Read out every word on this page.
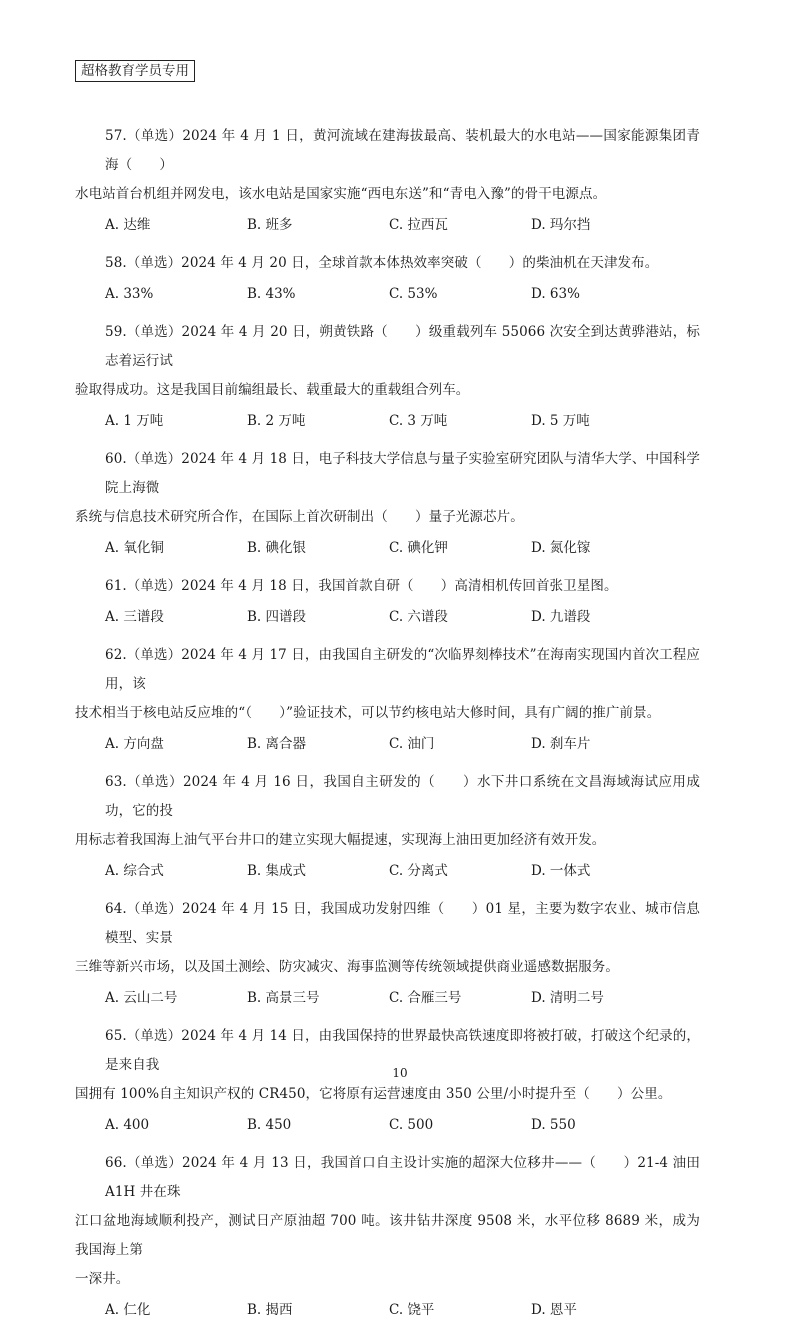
超格教育学员专用

57.（单选）2024 年 4 月 1 日，黄河流域在建海拔最高、装机最大的水电站——国家能源集团青海（　　）
水电站首台机组并网发电，该水电站是国家实施“西电东送”和“青电入豫”的骨干电源点。

A. 达维	B. 班多	C. 拉西瓦	D. 玛尔挡

58.（单选）2024 年 4 月 20 日，全球首款本体热效率突破（　　）的柴油机在天津发布。

A. 33%	B. 43%	C. 53%	D. 63%

59.（单选）2024 年 4 月 20 日，朔黄铁路（　　）级重载列车 55066 次安全到达黄骅港站，标志着运行试
验取得成功。这是我国目前编组最长、载重最大的重载组合列车。

A. 1 万吨	B. 2 万吨	C. 3 万吨	D. 5 万吨

60.（单选）2024 年 4 月 18 日，电子科技大学信息与量子实验室研究团队与清华大学、中国科学院上海微
系统与信息技术研究所合作，在国际上首次研制出（　　）量子光源芯片。

A. 氧化铜	B. 碘化银	C. 碘化钾	D. 氮化镓

61.（单选）2024 年 4 月 18 日，我国首款自研（　　）高清相机传回首张卫星图。

A. 三谱段	B. 四谱段	C. 六谱段	D. 九谱段

62.（单选）2024 年 4 月 17 日，由我国自主研发的“次临界刻棒技术”在海南实现国内首次工程应用，该
技术相当于核电站反应堆的“（　　）”验证技术，可以节约核电站大修时间，具有广阔的推广前景。

A. 方向盘	B. 离合器	C. 油门	D. 刹车片

63.（单选）2024 年 4 月 16 日，我国自主研发的（　　）水下井口系统在文昌海域海试应用成功，它的投
用标志着我国海上油气平台井口的建立实现大幅提速，实现海上油田更加经济有效开发。

A. 综合式	B. 集成式	C. 分离式	D. 一体式

64.（单选）2024 年 4 月 15 日，我国成功发射四维（　　）01 星，主要为数字农业、城市信息模型、实景
三维等新兴市场，以及国土测绘、防灾减灾、海事监测等传统领域提供商业遥感数据服务。

A. 云山二号	B. 高景三号	C. 合雁三号	D. 清明二号

65.（单选）2024 年 4 月 14 日，由我国保持的世界最快高铁速度即将被打破，打破这个纪录的，是来自我
国拥有 100%自主知识产权的 CR450，它将原有运营速度由 350 公里/小时提升至（　　）公里。

A. 400	B. 450	C. 500	D. 550

66.（单选）2024 年 4 月 13 日，我国首口自主设计实施的超深大位移井——（　　）21-4 油田 A1H 井在珠
江口盆地海域顺利投产，测试日产原油超 700 吨。该井钻井深度 9508 米，水平位移 8689 米，成为我国海上第
一深井。

A. 仁化	B. 揭西	C. 饶平	D. 恩平
10
